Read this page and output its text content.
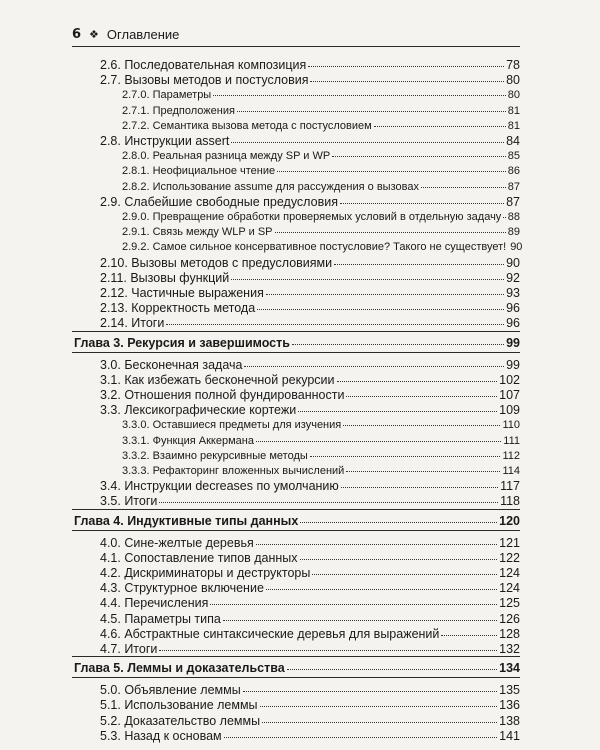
6 ❖ Оглавление
2.6. Последовательная композиция	78
2.7. Вызовы методов и постусловия	80
2.7.0. Параметры	80
2.7.1. Предположения	81
2.7.2. Семантика вызова метода с постусловием	81
2.8. Инструкции assert	84
2.8.0. Реальная разница между SP и WP	85
2.8.1. Неофициальное чтение	86
2.8.2. Использование assume для рассуждения о вызовах	87
2.9. Слабейшие свободные предусловия	87
2.9.0. Превращение обработки проверяемых условий в отдельную задачу 88
2.9.1. Связь между WLP и SP	89
2.9.2. Самое сильное консервативное постусловие? Такого не существует! 90
2.10. Вызовы методов с предусловиями	90
2.11. Вызовы функций	92
2.12. Частичные выражения	93
2.13. Корректность метода	96
2.14. Итоги	96
Глава 3. Рекурсия и завершимость	99
3.0. Бесконечная задача	99
3.1. Как избежать бесконечной рекурсии	102
3.2. Отношения полной фундированности	107
3.3. Лексикографические кортежи	109
3.3.0. Оставшиеся предметы для изучения	110
3.3.1. Функция Аккермана	111
3.3.2. Взаимно рекурсивные методы	112
3.3.3. Рефакторинг вложенных вычислений	114
3.4. Инструкции decreases по умолчанию	117
3.5. Итоги	118
Глава 4. Индуктивные типы данных	120
4.0. Сине-желтые деревья	121
4.1. Сопоставление типов данных	122
4.2. Дискриминаторы и деструкторы	124
4.3. Структурное включение	124
4.4. Перечисления	125
4.5. Параметры типа	126
4.6. Абстрактные синтаксические деревья для выражений	128
4.7. Итоги	132
Глава 5. Леммы и доказательства	134
5.0. Объявление леммы	135
5.1. Использование леммы	136
5.2. Доказательство леммы	138
5.3. Назад к основам	141
